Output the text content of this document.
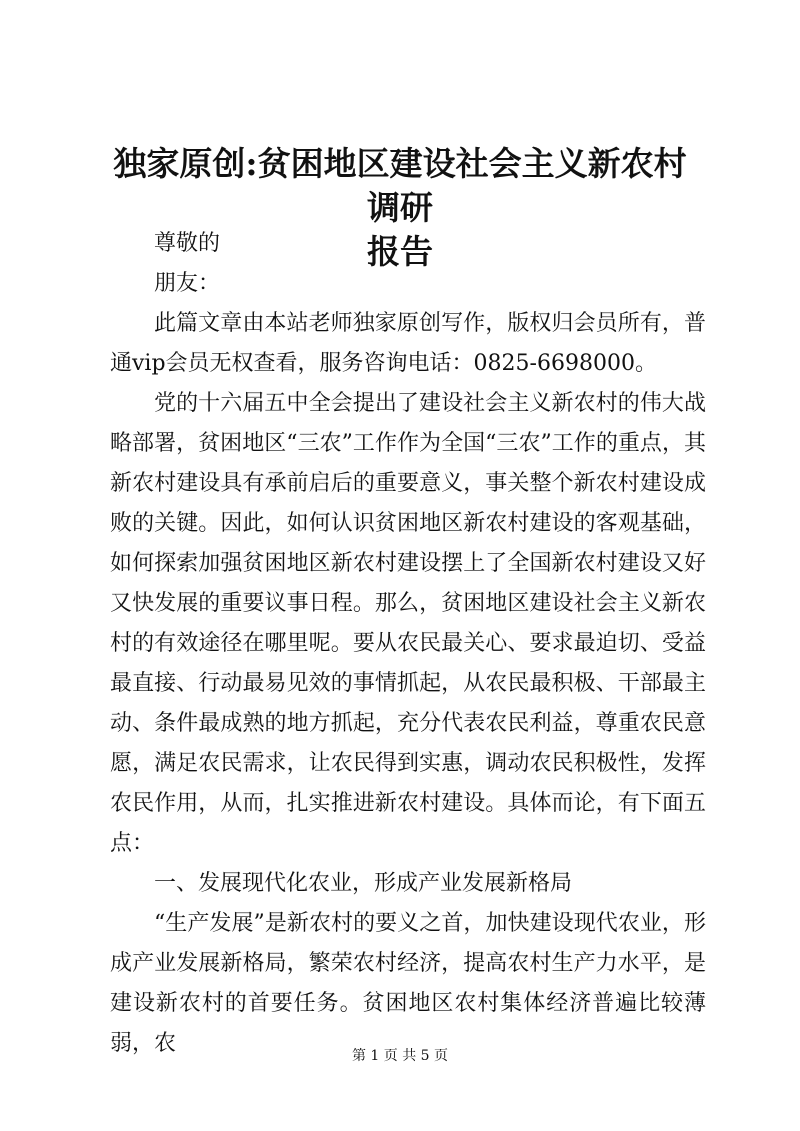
独家原创:贫困地区建设社会主义新农村调研
报告

尊敬的

朋友：

此篇文章由本站老师独家原创写作，版权归会员所有，普通vip会员无权查看，服务咨询电话：0825-6698000。

党的十六届五中全会提出了建设社会主义新农村的伟大战略部署，贫困地区“三农”工作作为全国“三农”工作的重点，其新农村建设具有承前启后的重要意义，事关整个新农村建设成败的关键。因此，如何认识贫困地区新农村建设的客观基础，如何探索加强贫困地区新农村建设摆上了全国新农村建设又好又快发展的重要议事日程。那么，贫困地区建设社会主义新农村的有效途径在哪里呢。要从农民最关心、要求最迫切、受益最直接、行动最易见效的事情抓起，从农民最积极、干部最主动、条件最成熟的地方抓起，充分代表农民利益，尊重农民意愿，满足农民需求，让农民得到实惠，调动农民积极性，发挥农民作用，从而，扎实推进新农村建设。具体而论，有下面五点：

一、发展现代化农业，形成产业发展新格局

“生产发展”是新农村的要义之首，加快建设现代农业，形成产业发展新格局，繁荣农村经济，提高农村生产力水平，是建设新农村的首要任务。贫困地区农村集体经济普遍比较薄弱，农	第 1 页 共 5 页
